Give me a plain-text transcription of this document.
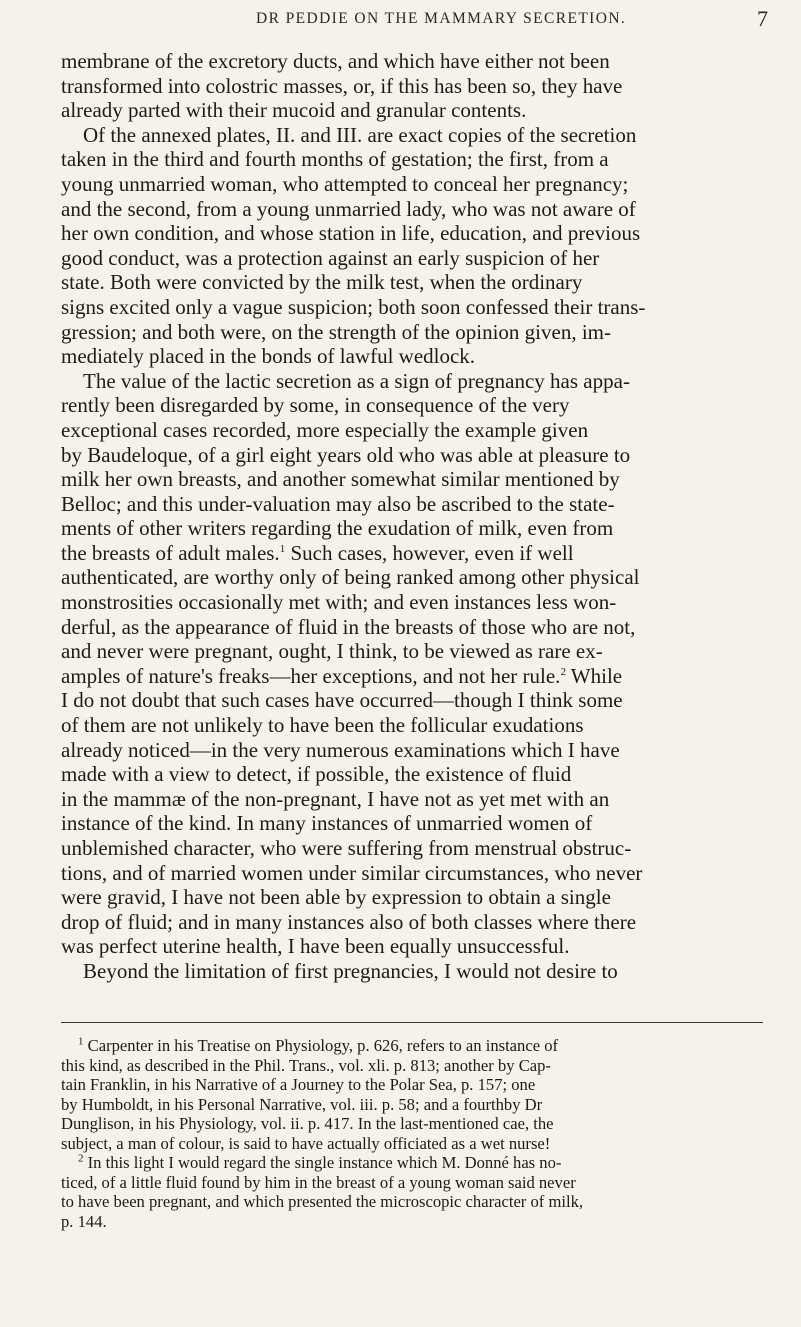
DR PEDDIE ON THE MAMMARY SECRETION.	7
membrane of the excretory ducts, and which have either not been
transformed into colostric masses, or, if this has been so, they have
already parted with their mucoid and granular contents.
Of the annexed plates, II. and III. are exact copies of the secretion
taken in the third and fourth months of gestation; the first, from a
young unmarried woman, who attempted to conceal her pregnancy;
and the second, from a young unmarried lady, who was not aware of
her own condition, and whose station in life, education, and previous
good conduct, was a protection against an early suspicion of her
state. Both were convicted by the milk test, when the ordinary
signs excited only a vague suspicion; both soon confessed their trans-
gression; and both were, on the strength of the opinion given, im-
mediately placed in the bonds of lawful wedlock.
The value of the lactic secretion as a sign of pregnancy has appa-
rently been disregarded by some, in consequence of the very
exceptional cases recorded, more especially the example given
by Baudeloque, of a girl eight years old who was able at pleasure to
milk her own breasts, and another somewhat similar mentioned by
Belloc; and this under-valuation may also be ascribed to the state-
ments of other writers regarding the exudation of milk, even from
the breasts of adult males.$^1$ Such cases, however, even if well
authenticated, are worthy only of being ranked among other physical
monstrosities occasionally met with; and even instances less won-
derful, as the appearance of fluid in the breasts of those who are not,
and never were pregnant, ought, I think, to be viewed as rare ex-
amples of nature's freaks—her exceptions, and not her rule.$^2$ While
I do not doubt that such cases have occurred—though I think some
of them are not unlikely to have been the follicular exudations
already noticed—in the very numerous examinations which I have
made with a view to detect, if possible, the existence of fluid
in the mammæ of the non-pregnant, I have not as yet met with an
instance of the kind. In many instances of unmarried women of
unblemished character, who were suffering from menstrual obstruc-
tions, and of married women under similar circumstances, who never
were gravid, I have not been able by expression to obtain a single
drop of fluid; and in many instances also of both classes where there
was perfect uterine health, I have been equally unsuccessful.
Beyond the limitation of first pregnancies, I would not desire to
$^1$ Carpenter in his Treatise on Physiology, p. 626, refers to an instance of
this kind, as described in the Phil. Trans., vol. xli. p. 813; another by Cap-
tain Franklin, in his Narrative of a Journey to the Polar Sea, p. 157; one
by Humboldt, in his Personal Narrative, vol. iii. p. 58; and a fourthby Dr
Dunglison, in his Physiology, vol. ii. p. 417. In the last-mentioned cae, the
subject, a man of colour, is said to have actually officiated as a wet nurse!
$^2$ In this light I would regard the single instance which M. Donné has no-
ticed, of a little fluid found by him in the breast of a young woman said never
to have been pregnant, and which presented the microscopic character of milk,
p. 144.
